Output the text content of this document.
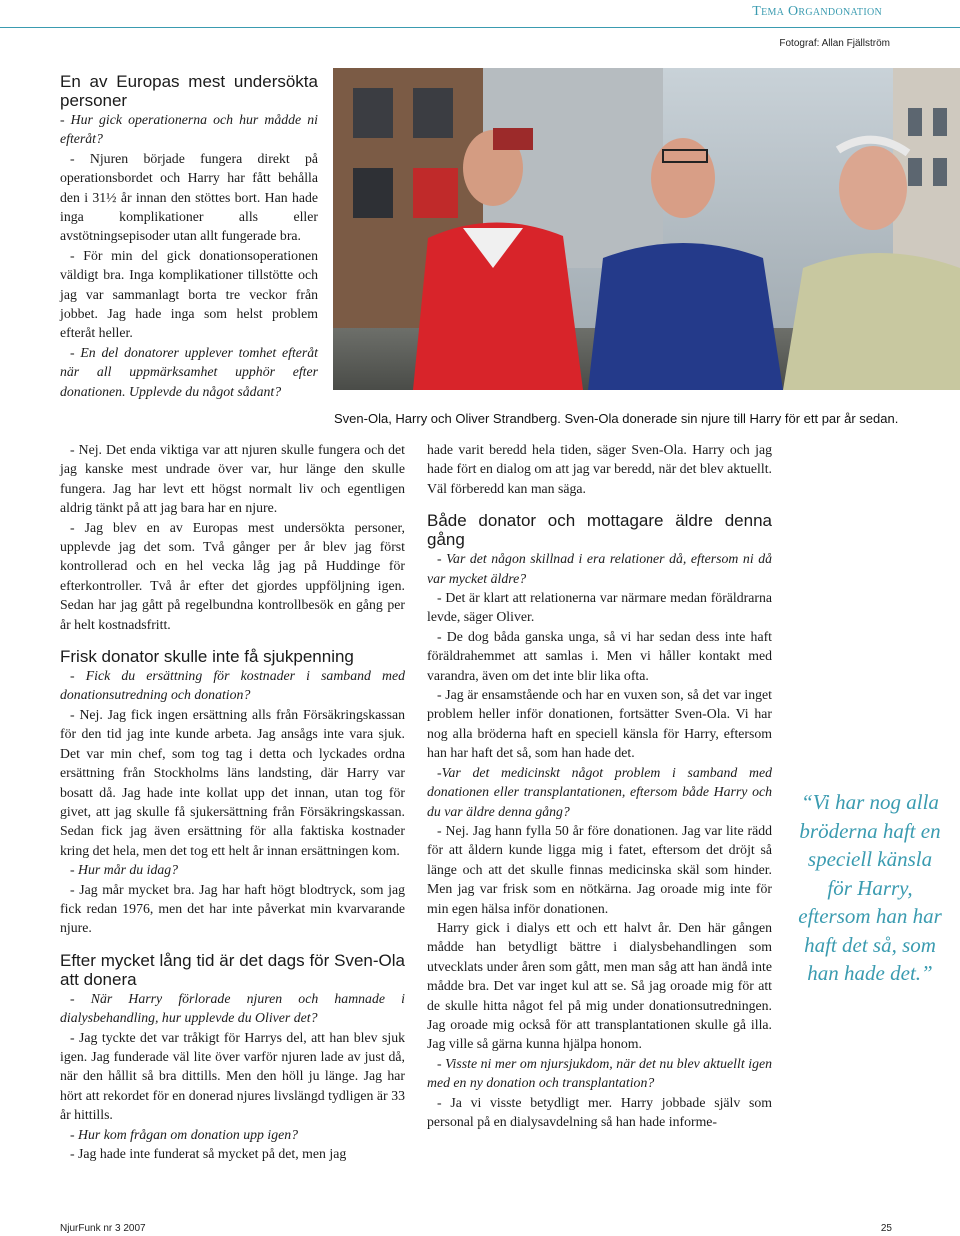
Tema Organdonation
Fotograf: Allan Fjällström
En av Europas mest undersökta personer

- Hur gick operationerna och hur mådde ni efteråt?

- Njuren började fungera direkt på operationsbordet och Harry har fått behålla den i 31½ år innan den stöttes bort. Han hade inga komplikationer alls eller avstötningsepisoder utan allt fungerade bra.

- För min del gick donationsoperationen väldigt bra. Inga komplikationer tillstötte och jag var sammanlagt borta tre veckor från jobbet. Jag hade inga som helst problem efteråt heller.

- En del donatorer upplever tomhet efteråt när all uppmärksamhet upphör efter donationen. Upplevde du något sådant?

Sven-Ola, Harry och Oliver Strandberg. Sven-Ola donerade sin njure till Harry för ett par år sedan.

- Nej. Det enda viktiga var att njuren skulle fungera och det jag kanske mest undrade över var, hur länge den skulle fungera. Jag har levt ett högst normalt liv och egentligen aldrig tänkt på att jag bara har en njure.

- Jag blev en av Europas mest undersökta personer, upplevde jag det som. Två gånger per år blev jag först kontrollerad och en hel vecka låg jag på Huddinge för efterkontroller. Två år efter det gjordes uppföljning igen. Sedan har jag gått på regelbundna kontrollbesök en gång per år helt kostnadsfritt.

Frisk donator skulle inte få sjukpenning

- Fick du ersättning för kostnader i samband med donationsutredning och donation?

- Nej. Jag fick ingen ersättning alls från Försäkringskassan för den tid jag inte kunde arbeta. Jag ansågs inte vara sjuk. Det var min chef, som tog tag i detta och lyckades ordna ersättning från Stockholms läns landsting, där Harry var bosatt då. Jag hade inte kollat upp det innan, utan tog för givet, att jag skulle få sjukersättning från Försäkringskassan. Sedan fick jag även ersättning för alla faktiska kostnader kring det hela, men det tog ett helt år innan ersättningen kom.

- Hur mår du idag?

- Jag mår mycket bra. Jag har haft högt blodtryck, som jag fick redan 1976, men det har inte påverkat min kvarvarande njure.

Efter mycket lång tid är det dags för Sven-Ola att donera

- När Harry förlorade njuren och hamnade i dialysbehandling, hur upplevde du Oliver det?

- Jag tyckte det var tråkigt för Harrys del, att han blev sjuk igen. Jag funderade väl lite över varför njuren lade av just då, när den hållit så bra dittills. Men den höll ju länge. Jag har hört att rekordet för en donerad njures livslängd tydligen är 33 år hittills.

- Hur kom frågan om donation upp igen?

- Jag hade inte funderat så mycket på det, men jag

hade varit beredd hela tiden, säger Sven-Ola. Harry och jag hade fört en dialog om att jag var beredd, när det blev aktuellt. Väl förberedd kan man säga.

Både donator och mottagare äldre denna gång

- Var det någon skillnad i era relationer då, eftersom ni då var mycket äldre?

- Det är klart att relationerna var närmare medan föräldrarna levde, säger Oliver.

- De dog båda ganska unga, så vi har sedan dess inte haft föräldrahemmet att samlas i. Men vi håller kontakt med varandra, även om det inte blir lika ofta.

- Jag är ensamstående och har en vuxen son, så det var inget problem heller inför donationen, fortsätter Sven-Ola. Vi har nog alla bröderna haft en speciell känsla för Harry, eftersom han har haft det så, som han hade det.

-Var det medicinskt något problem i samband med donationen eller transplantationen, eftersom både Harry och du var äldre denna gång?

- Nej. Jag hann fylla 50 år före donationen. Jag var lite rädd för att åldern kunde ligga mig i fatet, eftersom det dröjt så länge och att det skulle finnas medicinska skäl som hinder. Men jag var frisk som en nötkärna. Jag oroade mig inte för min egen hälsa inför donationen.

Harry gick i dialys ett och ett halvt år. Den här gången mådde han betydligt bättre i dialysbehandlingen som utvecklats under åren som gått, men man såg att han ändå inte mådde bra. Det var inget kul att se. Så jag oroade mig för att de skulle hitta något fel på mig under donationsutredningen. Jag oroade mig också för att transplantationen skulle gå illa. Jag ville så gärna kunna hjälpa honom.

- Visste ni mer om njursjukdom, när det nu blev aktuellt igen med en ny donation och transplantation?

- Ja vi visste betydligt mer. Harry jobbade själv som personal på en dialysavdelning så han hade informe-

“Vi har nog alla bröderna haft en speciell känsla för Harry, eftersom han har haft det så, som han hade det.”
NjurFunk nr 3 2007	25
